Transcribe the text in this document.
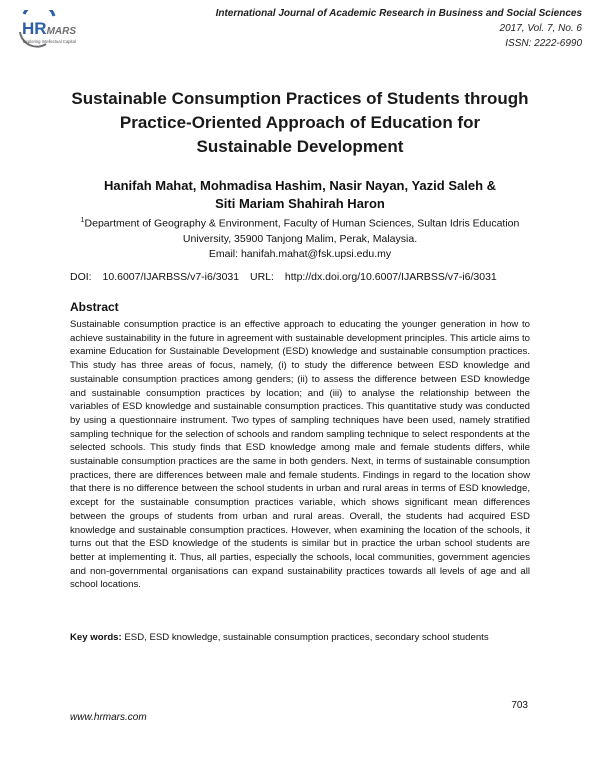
HRMARS
Exploring Intellectual Capital
International Journal of Academic Research in Business and Social Sciences
2017, Vol. 7, No. 6
ISSN: 2222-6990
Sustainable Consumption Practices of Students through
Practice-Oriented Approach of Education for
Sustainable Development
Hanifah Mahat, Mohmadisa Hashim, Nasir Nayan, Yazid Saleh &
Siti Mariam Shahirah Haron
$^1$Department of Geography & Environment, Faculty of Human Sciences, Sultan Idris Education
University, 35900 Tanjong Malim, Perak, Malaysia.
Email: hanifah.mahat@fsk.upsi.edu.my
DOI: 10.6007/IJARBSS/v7-i6/3031 URL: http://dx.doi.org/10.6007/IJARBSS/v7-i6/3031
Abstract
Sustainable consumption practice is an effective approach to educating the younger generation in how to achieve sustainability in the future in agreement with sustainable development principles. This article aims to examine Education for Sustainable Development (ESD) knowledge and sustainable consumption practices. This study has three areas of focus, namely, (i) to study the difference between ESD knowledge and sustainable consumption practices among genders; (ii) to assess the difference between ESD knowledge and sustainable consumption practices by location; and (iii) to analyse the relationship between the variables of ESD knowledge and sustainable consumption practices. This quantitative study was conducted by using a questionnaire instrument. Two types of sampling techniques have been used, namely stratified sampling technique for the selection of schools and random sampling technique to select respondents at the selected schools. This study finds that ESD knowledge among male and female students differs, while sustainable consumption practices are the same in both genders. Next, in terms of sustainable consumption practices, there are differences between male and female students. Findings in regard to the location show that there is no difference between the school students in urban and rural areas in terms of ESD knowledge, except for the sustainable consumption practices variable, which shows significant mean differences between the groups of students from urban and rural areas. Overall, the students had acquired ESD knowledge and sustainable consumption practices. However, when examining the location of the schools, it turns out that the ESD knowledge of the students is similar but in practice the urban school students are better at implementing it. Thus, all parties, especially the schools, local communities, government agencies and non-governmental organisations can expand sustainability practices towards all levels of age and all school locations.
Key words: ESD, ESD knowledge, sustainable consumption practices, secondary school students
703
www.hrmars.com
